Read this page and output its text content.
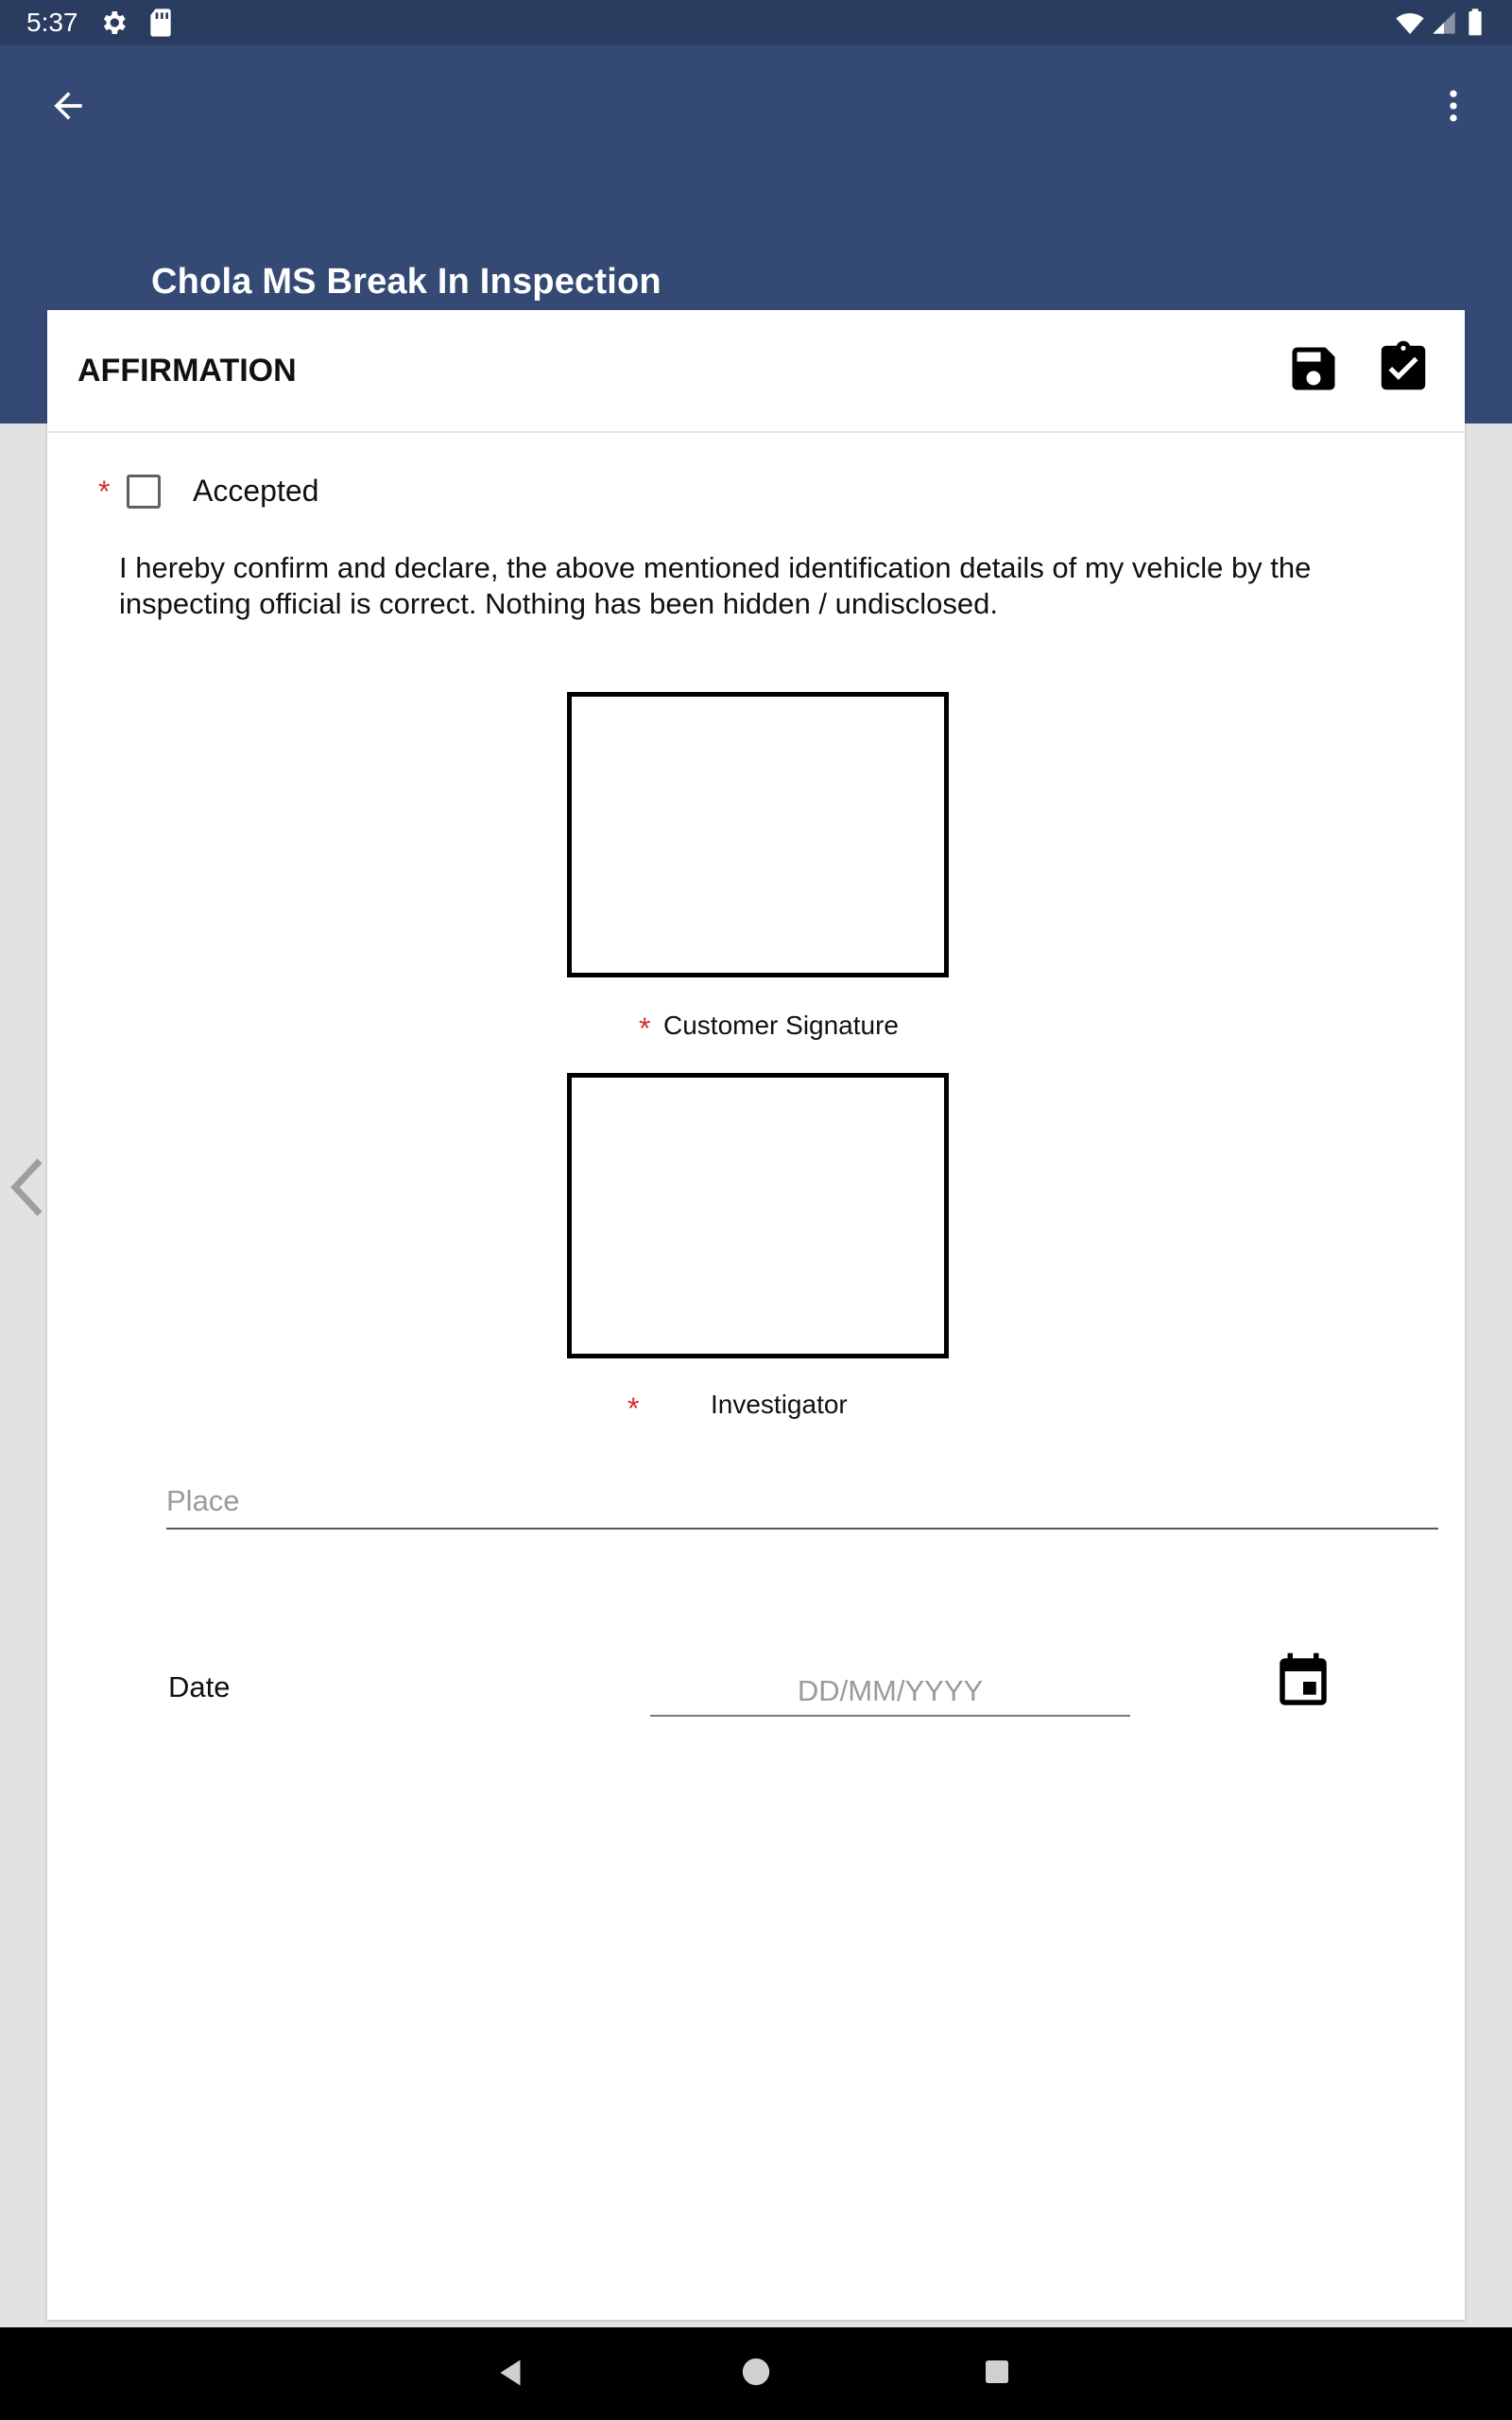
5:37
Chola MS Break In Inspection
AFFIRMATION
*	Accepted
I hereby confirm and declare, the above mentioned identification details of my vehicle by the inspecting official is correct. Nothing has been hidden / undisclosed.
* Customer Signature
*	Investigator
Place
Date
DD/MM/YYYY
